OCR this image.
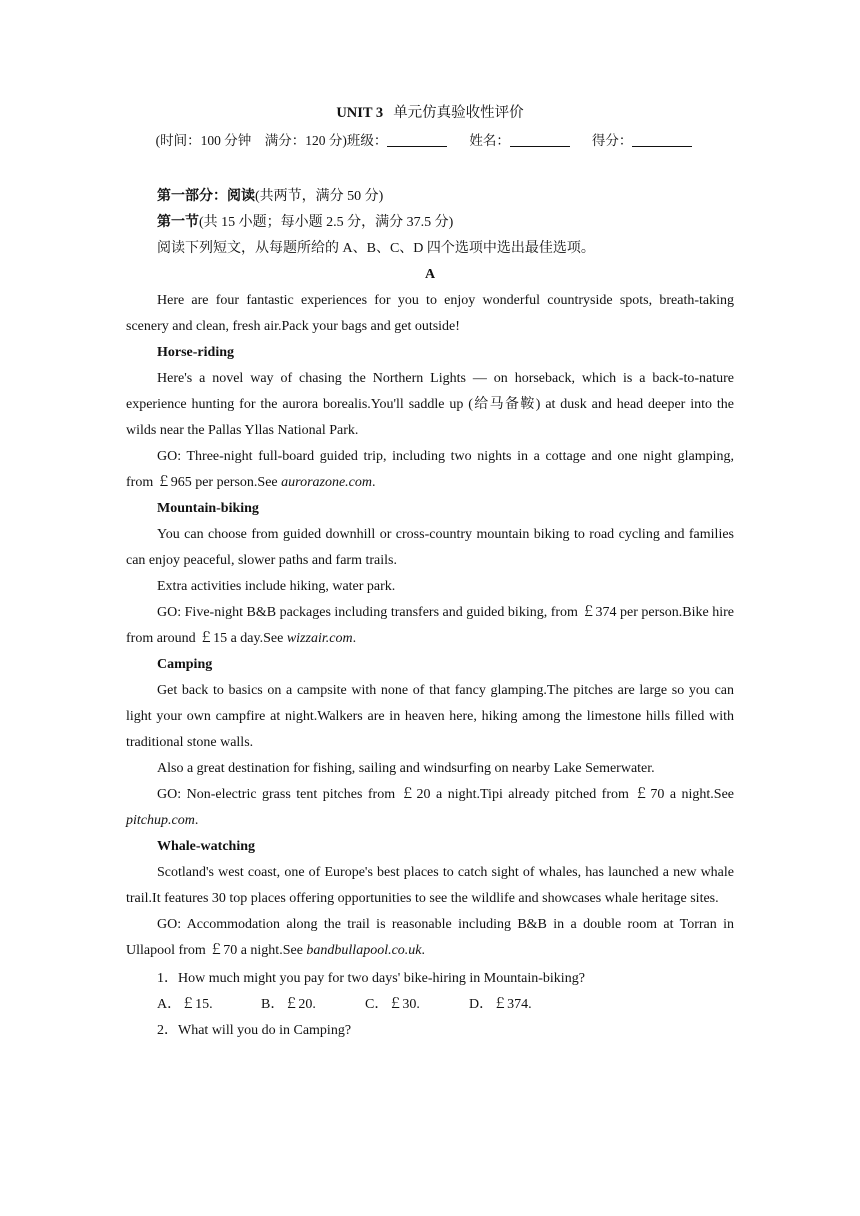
UNIT 3 单元仿真验收性评价
(时间：100 分钟　满分：120 分)班级：	姓名：	得分：

第一部分：阅读(共两节，满分 50 分)

第一节(共 15 小题；每小题 2.5 分，满分 37.5 分)

阅读下列短文，从每题所给的 A、B、C、D 四个选项中选出最佳选项。

A

Here are four fantastic experiences for you to enjoy wonderful countryside spots, breath-taking scenery and clean, fresh air.Pack your bags and get outside!

Horse-riding

Here's a novel way of chasing the Northern Lights — on horseback, which is a back-to-nature experience hunting for the aurora borealis.You'll saddle up (给马备鞍) at dusk and head deeper into the wilds near the Pallas Yllas National Park.

GO: Three-night full-board guided trip, including two nights in a cottage and one night glamping, from ￡965 per person.See aurorazone.com.

Mountain-biking

You can choose from guided downhill or cross-country mountain biking to road cycling and families can enjoy peaceful, slower paths and farm trails.

Extra activities include hiking, water park.

GO: Five-night B&B packages including transfers and guided biking, from ￡374 per person.Bike hire from around ￡15 a day.See wizzair.com.

Camping

Get back to basics on a campsite with none of that fancy glamping.The pitches are large so you can light your own campfire at night.Walkers are in heaven here, hiking among the limestone hills filled with traditional stone walls.

Also a great destination for fishing, sailing and windsurfing on nearby Lake Semerwater.

GO: Non-electric grass tent pitches from ￡20 a night.Tipi already pitched from ￡70 a night.See pitchup.com.

Whale-watching

Scotland's west coast, one of Europe's best places to catch sight of whales, has launched a new whale trail.It features 30 top places offering opportunities to see the wildlife and showcases whale heritage sites.

GO: Accommodation along the trail is reasonable including B&B in a double room at Torran in Ullapool from ￡70 a night.See bandbullapool.co.uk.

1．How much might you pay for two days' bike-hiring in Mountain-biking?

A．￡15.	B．￡20.	C．￡30.	D．￡374.

2．What will you do in Camping?
